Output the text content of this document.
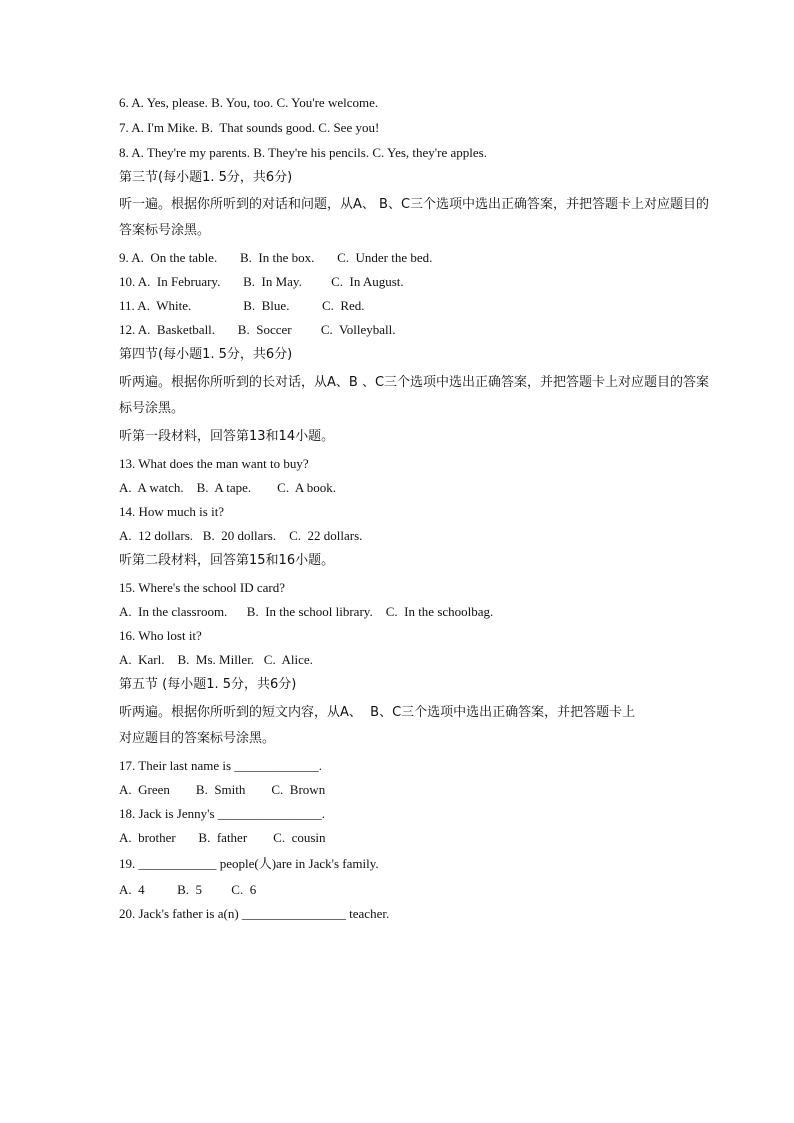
6. A. Yes, please. B. You, too. C. You're welcome.
7. A. I'm Mike. B.  That sounds good. C. See you!
8. A. They're my parents. B. They're his pencils. C. Yes, they're apples.
第三节(每小题1. 5分，共6分)
听一遍。根据你所听到的对话和问题，从A、 B、C三个选项中选出正确答案，并把答题卡上对应题目的
答案标号涂黑。
9. A.  On the table.       B.  In the box.       C.  Under the bed.
10. A.  In February.       B.  In May.         C.  In August.
11. A.  White.                B.  Blue.          C.  Red.
12. A.  Basketball.       B.  Soccer         C.  Volleyball.
第四节(每小题1. 5分，共6分)
听两遍。根据你所听到的长对话，从A、B 、C三个选项中选出正确答案，并把答题卡上对应题目的答案
标号涂黑。
听第一段材料，回答第13和14小题。
13. What does the man want to buy?
A.  A watch.    B.  A tape.        C.  A book.
14. How much is it?
A.  12 dollars.   B.  20 dollars.    C.  22 dollars.
听第二段材料，回答第15和16小题。
15. Where's the school ID card?
A.  In the classroom.      B.  In the school library.    C.  In the schoolbag.
16. Who lost it?
A.  Karl.    B.  Ms. Miller.   C.  Alice.
第五节 (每小题1. 5分，共6分)
听两遍。根据你所听到的短文内容，从A、  B、C三个选项中选出正确答案，并把答题卡上
对应题目的答案标号涂黑。
17. Their last name is _____________.
A.  Green        B.  Smith        C.  Brown
18. Jack is Jenny's ________________.
A.  brother       B.  father        C.  cousin
19. ____________ people(人)are in Jack's family.
A.  4          B.  5         C.  6
20. Jack's father is a(n) ________________ teacher.
